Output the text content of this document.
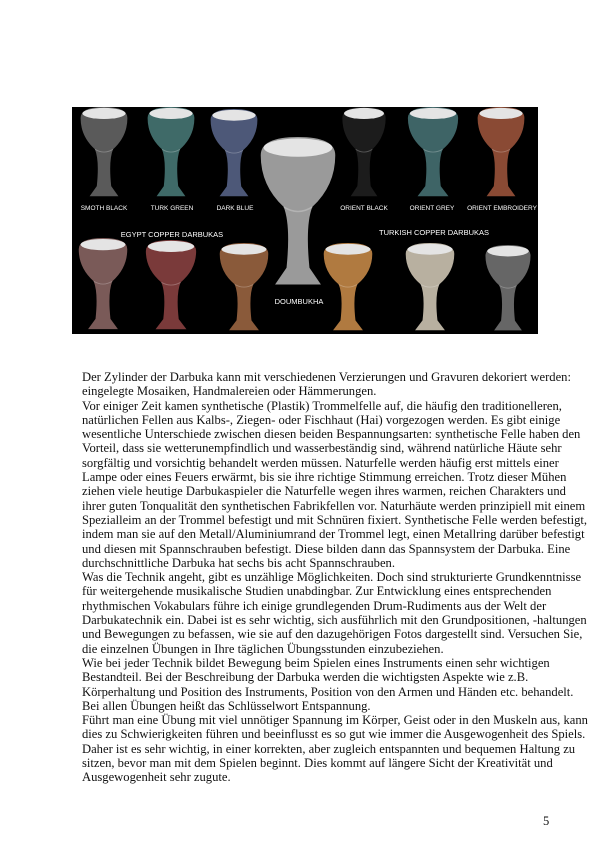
SMOTH BLACK	TURK GREEN	DARK BLUE	ORIENT BLACK	ORIENT GREY ORIENT EMBROIDERY
EGYPT COPPER DARBUKAS	TURKISH COPPER DARBUKAS
DOUMBUKHA
Der Zylinder der Darbuka kann mit verschiedenen Verzierungen und Gravuren dekoriert werden:
eingelegte Mosaiken, Handmalereien oder Hämmerungen.
Vor einiger Zeit kamen synthetische (Plastik) Trommelfelle auf, die häufig den traditionelleren,
natürlichen Fellen aus Kalbs-, Ziegen- oder Fischhaut (Hai) vorgezogen werden. Es gibt einige
wesentliche Unterschiede zwischen diesen beiden Bespannungsarten: synthetische Felle haben den
Vorteil, dass sie wetterunempfindlich und wasserbeständig sind, während natürliche Häute sehr
sorgfältig und vorsichtig behandelt werden müssen. Naturfelle werden häufig erst mittels einer
Lampe oder eines Feuers erwärmt, bis sie ihre richtige Stimmung erreichen. Trotz dieser Mühen
ziehen viele heutige Darbukaspieler die Naturfelle wegen ihres warmen, reichen Charakters und
ihrer guten Tonqualität den synthetischen Fabrikfellen vor. Naturhäute werden prinzipiell mit einem
Spezialleim an der Trommel befestigt und mit Schnüren fixiert. Synthetische Felle werden befestigt,
indem man sie auf den Metall/Aluminiumrand der Trommel legt, einen Metallring darüber befestigt
und diesen mit Spannschrauben befestigt. Diese bilden dann das Spannsystem der Darbuka. Eine
durchschnittliche Darbuka hat sechs bis acht Spannschrauben.
Was die Technik angeht, gibt es unzählige Möglichkeiten. Doch sind strukturierte Grundkenntnisse
für weitergehende musikalische Studien unabdingbar. Zur Entwicklung eines entsprechenden
rhythmischen Vokabulars führe ich einige grundlegenden Drum-Rudiments aus der Welt der
Darbukatechnik ein. Dabei ist es sehr wichtig, sich ausführlich mit den Grundpositionen, -haltungen
und Bewegungen zu befassen, wie sie auf den dazugehörigen Fotos dargestellt sind. Versuchen Sie,
die einzelnen Übungen in Ihre täglichen Übungsstunden einzubeziehen.
Wie bei jeder Technik bildet Bewegung beim Spielen eines Instruments einen sehr wichtigen
Bestandteil. Bei der Beschreibung der Darbuka werden die wichtigsten Aspekte wie z.B.
Körperhaltung und Position des Instruments, Position von den Armen und Händen etc. behandelt.
Bei allen Übungen heißt das Schlüsselwort Entspannung.
Führt man eine Übung mit viel unnötiger Spannung im Körper, Geist oder in den Muskeln aus, kann
dies zu Schwierigkeiten führen und beeinflusst es so gut wie immer die Ausgewogenheit des Spiels.
Daher ist es sehr wichtig, in einer korrekten, aber zugleich entspannten und bequemen Haltung zu
sitzen, bevor man mit dem Spielen beginnt. Dies kommt auf längere Sicht der Kreativität und
Ausgewogenheit sehr zugute.
5
